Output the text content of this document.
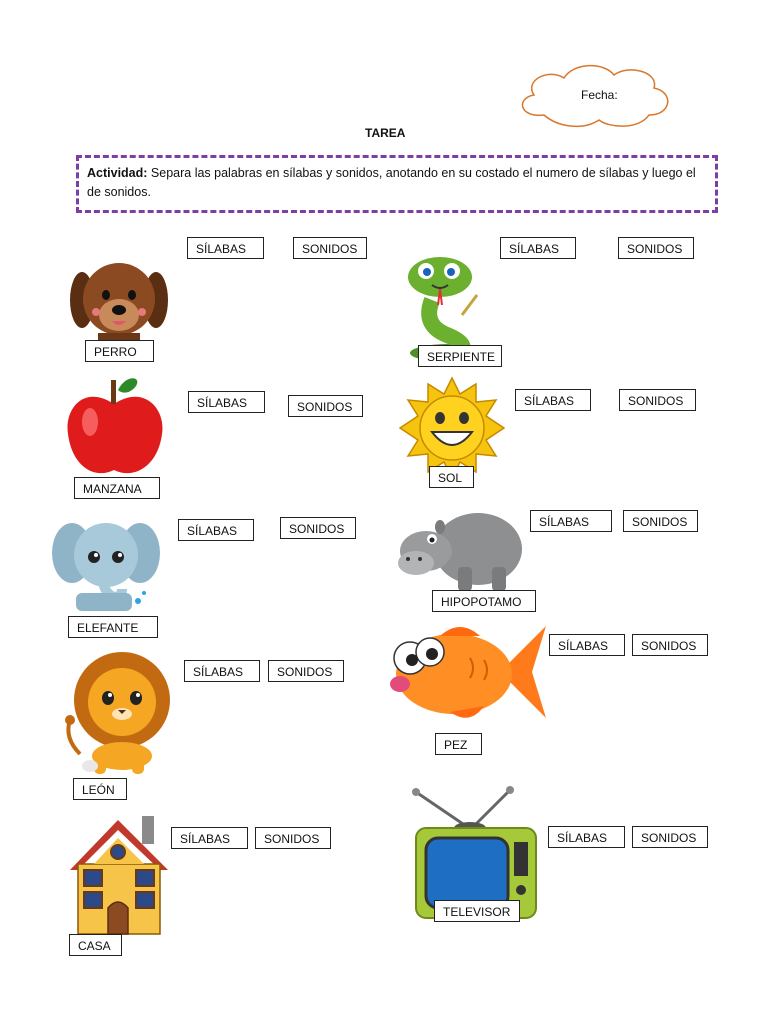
Fecha:
TAREA
Actividad: Separa las palabras en sílabas y sonidos, anotando en su costado el numero de sílabas y luego el de sonidos.
PERRO	SERPIENTE
MANZANA
SOL
ELEFANTE
HIPOPOTAMO
LEÓN
PEZ
CASA
TELEVISOR
SÍLABAS	SONIDOS	SÍLABAS	SONIDOS
SÍLABAS	SONIDOS	SÍLABAS	SONIDOS
SÍLABAS	SONIDOS	SÍLABAS	SONIDOS
SÍLABAS	SONIDOS
SÍLABAS	SONIDOS
SÍLABAS	SONIDOS	SÍLABAS	SONIDOS
